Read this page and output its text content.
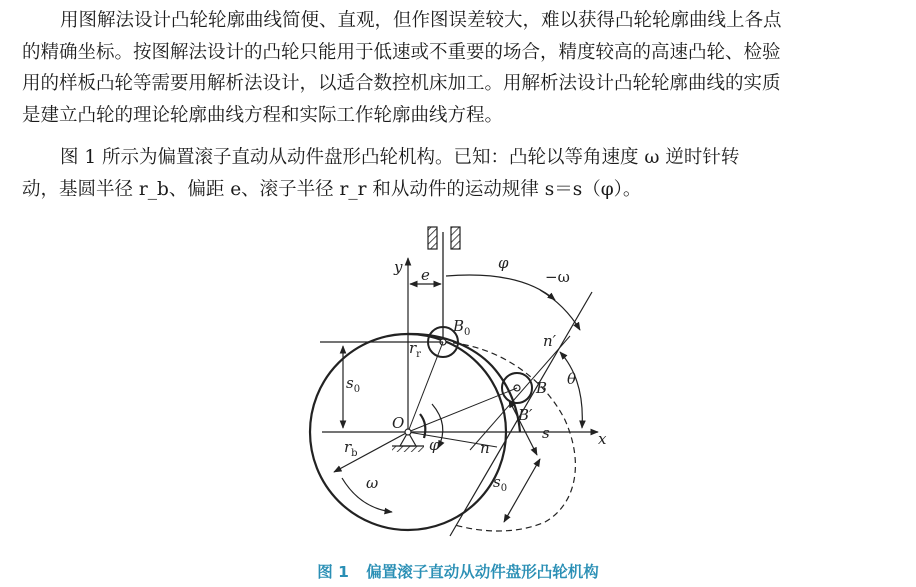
用图解法设计凸轮轮廓曲线简便、直观，但作图误差较大，难以获得凸轮轮廓曲线上各点
的精确坐标。按图解法设计的凸轮只能用于低速或不重要的场合，精度较高的高速凸轮、检验
用的样板凸轮等需要用解析法设计，以适合数控机床加工。用解析法设计凸轮轮廓曲线的实质
是建立凸轮的理论轮廓曲线方程和实际工作轮廓曲线方程。
图 1 所示为偏置滚子直动从动件盘形凸轮机构。已知：凸轮以等角速度 ω 逆时针转
动，基圆半径 r_b、偏距 e、滚子半径 r_r 和从动件的运动规律 s＝s（φ）。
y
x
e
φ
−ω
$B_0$
$r_r$
$s_0$	B
B′
n′
θ
O
φ
$r_b$	n
s
$s_0$
ω
图 1 偏置滚子直动从动件盘形凸轮机构
